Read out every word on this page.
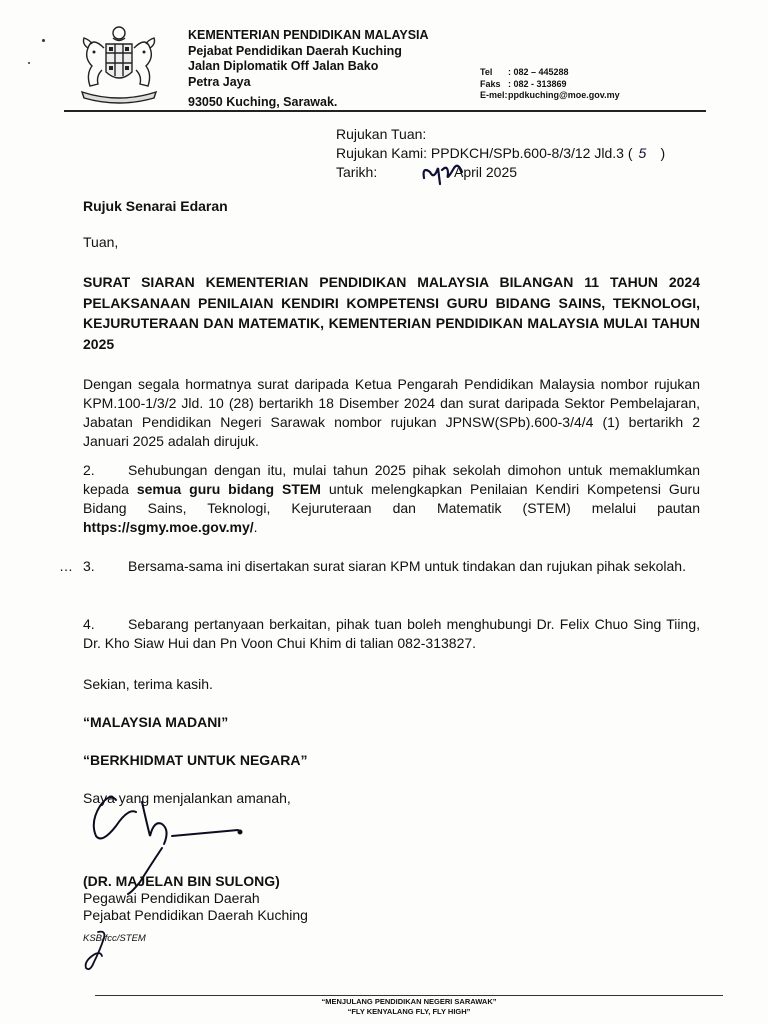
KEMENTERIAN PENDIDIKAN MALAYSIA
Pejabat Pendidikan Daerah Kuching
Jalan Diplomatik Off Jalan Bako
Petra Jaya
93050 Kuching, Sarawak.
Tel : 082 – 445288
Faks : 082 - 313869
E-mel:ppdkuching@moe.gov.my
Rujukan Tuan:
Rujukan Kami: PPDKCH/SPb.600-8/3/12 Jld.3 ( 5 )
Tarikh:	April 2025
Rujuk Senarai Edaran
Tuan,
SURAT SIARAN KEMENTERIAN PENDIDIKAN MALAYSIA BILANGAN 11 TAHUN 2024 PELAKSANAAN PENILAIAN KENDIRI KOMPETENSI GURU BIDANG SAINS, TEKNOLOGI, KEJURUTERAAN DAN MATEMATIK, KEMENTERIAN PENDIDIKAN MALAYSIA MULAI TAHUN 2025
Dengan segala hormatnya surat daripada Ketua Pengarah Pendidikan Malaysia nombor rujukan KPM.100-1/3/2 Jld. 10 (28) bertarikh 18 Disember 2024 dan surat daripada Sektor Pembelajaran, Jabatan Pendidikan Negeri Sarawak nombor rujukan JPNSW(SPb).600-3/4/4 (1) bertarikh 2 Januari 2025 adalah dirujuk.
2. Sehubungan dengan itu, mulai tahun 2025 pihak sekolah dimohon untuk memaklumkan kepada semua guru bidang STEM untuk melengkapkan Penilaian Kendiri Kompetensi Guru Bidang Sains, Teknologi, Kejuruteraan dan Matematik (STEM) melalui pautan https://sgmy.moe.gov.my/.
… 3. Bersama-sama ini disertakan surat siaran KPM untuk tindakan dan rujukan pihak sekolah.
4. Sebarang pertanyaan berkaitan, pihak tuan boleh menghubungi Dr. Felix Chuo Sing Tiing, Dr. Kho Siaw Hui dan Pn Voon Chui Khim di talian 082-313827.
Sekian, terima kasih.
“MALAYSIA MADANI”
“BERKHIDMAT UNTUK NEGARA”
Saya yang menjalankan amanah,
(DR. MAJELAN BIN SULONG)
Pegawai Pendidikan Daerah
Pejabat Pendidikan Daerah Kuching
KSB/fcc/STEM
“MENJULANG PENDIDIKAN NEGERI SARAWAK”
“FLY KENYALANG FLY, FLY HIGH”
